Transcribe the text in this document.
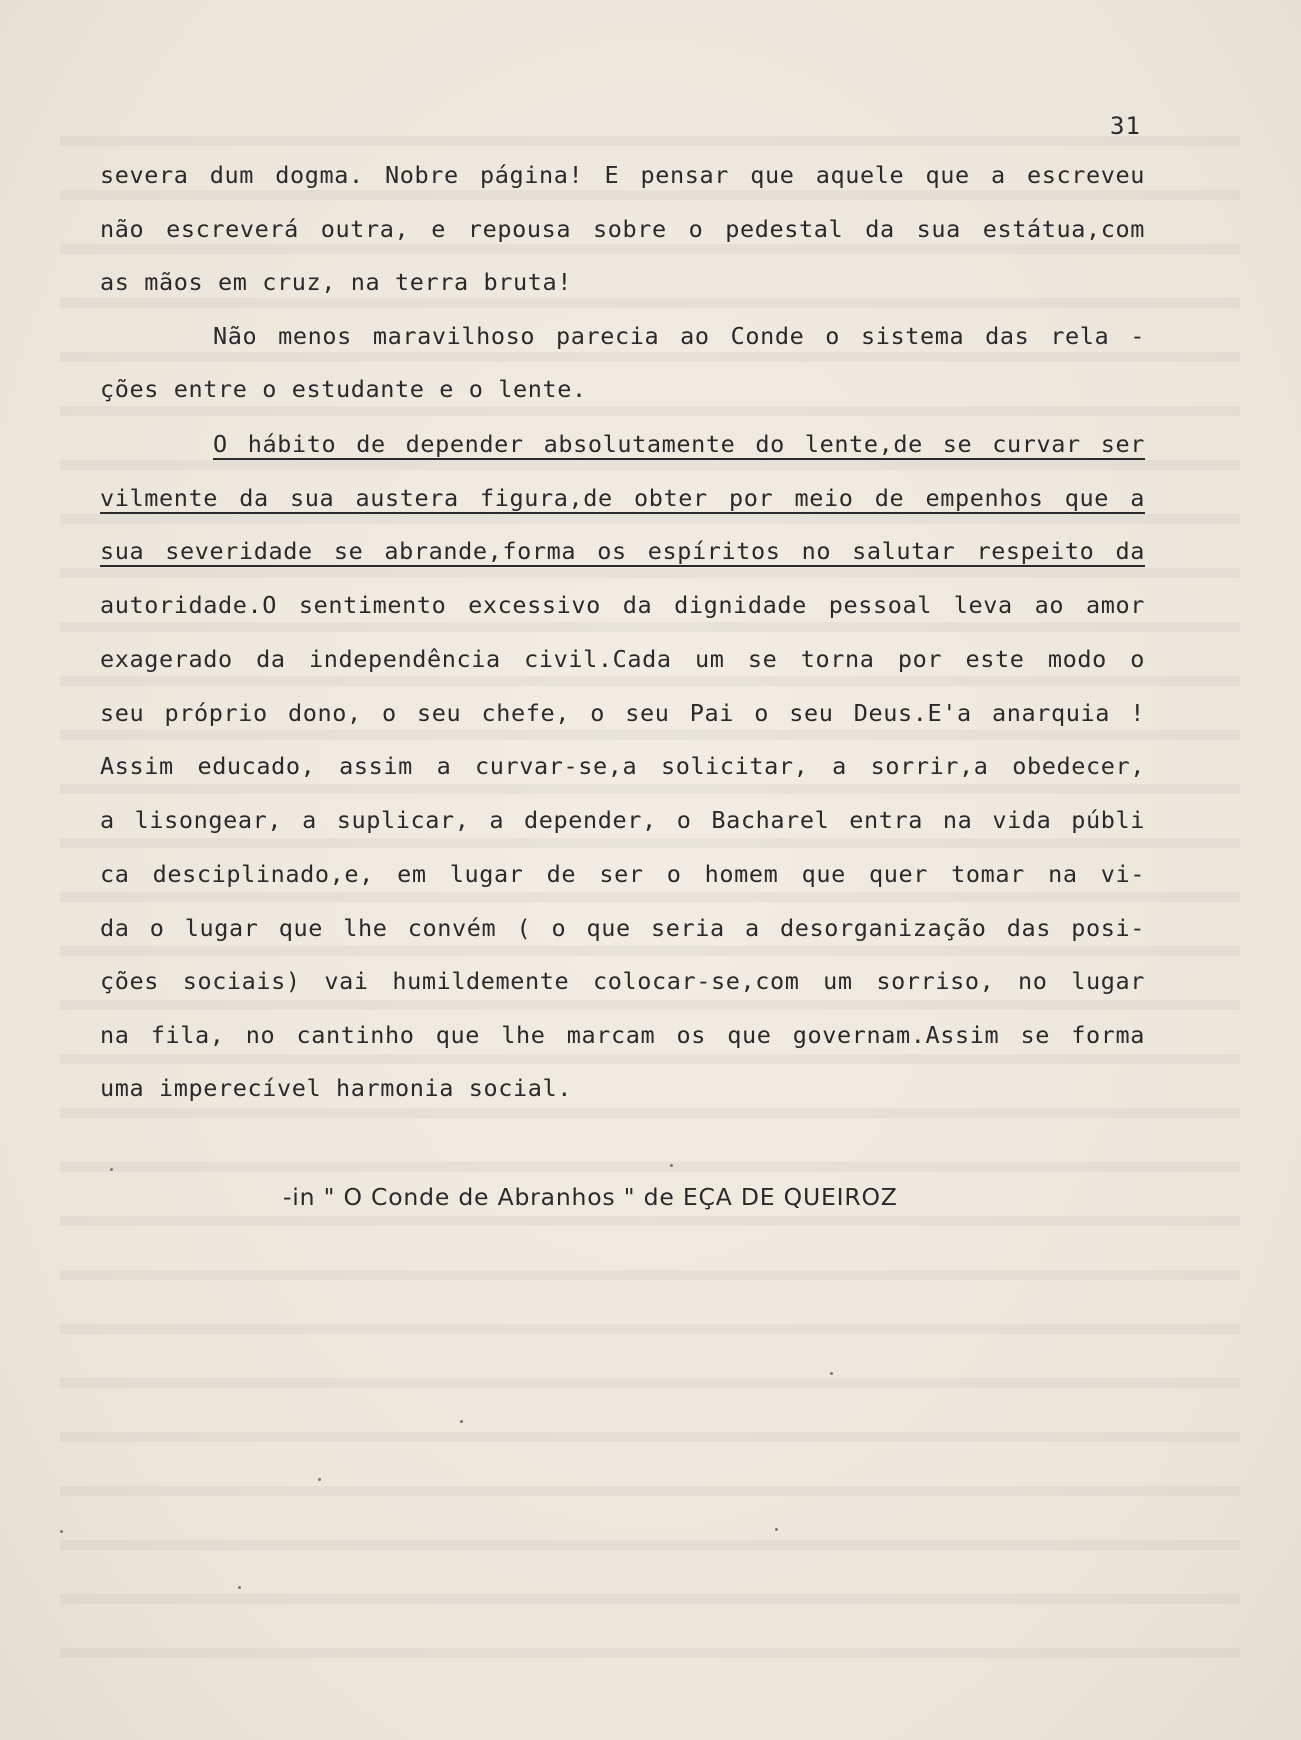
31
severa dum dogma. Nobre página! E pensar que aquele que a escreveu
não escreverá outra, e repousa sobre o pedestal da sua estátua,com
as mãos em cruz, na terra bruta!
Não menos maravilhoso parecia ao Conde o sistema das rela -
ções entre o estudante e o lente.
O hábito de depender absolutamente do lente,de se curvar ser
vilmente da sua austera figura,de obter por meio de empenhos que a
sua severidade se abrande,forma os espíritos no salutar respeito da
autoridade.O sentimento excessivo da dignidade pessoal leva ao amor
exagerado da independência civil.Cada um se torna por este modo o
seu próprio dono, o seu chefe, o seu Pai o seu Deus.E'a anarquia !
Assim educado, assim a curvar-se,a solicitar, a sorrir,a obedecer,
a lisongear, a suplicar, a depender, o Bacharel entra na vida públi
ca desciplinado,e, em lugar de ser o homem que quer tomar na vi-
da o lugar que lhe convém ( o que seria a desorganização das posi-
ções sociais) vai humildemente colocar-se,com um sorriso, no lugar
na fila, no cantinho que lhe marcam os que governam.Assim se forma
uma imperecível harmonia social.
-in " O Conde de Abranhos " de EÇA DE QUEIROZ
